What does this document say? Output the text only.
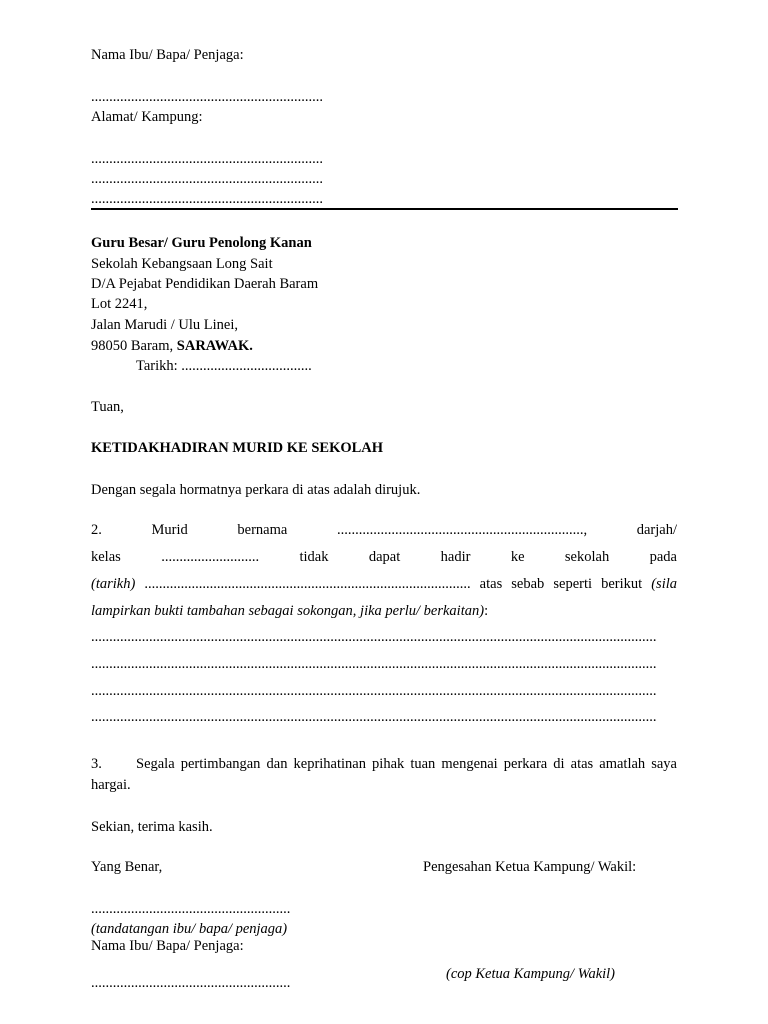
Nama Ibu/ Bapa/ Penjaga:
................................................................
Alamat/ Kampung:
................................................................
................................................................
................................................................
Guru Besar/ Guru Penolong Kanan
Sekolah Kebangsaan Long Sait
D/A Pejabat Pendidikan Daerah Baram
Lot 2241,
Jalan Marudi / Ulu Linei,
98050 Baram, SARAWAK.
Tarikh: ....................................
Tuan,
KETIDAKHADIRAN MURID KE SEKOLAH
Dengan segala hormatnya perkara di atas adalah dirujuk.
2.	Murid	bernama	....................................................................,	darjah/
kelas	...........................	tidak	dapat	hadir	ke	sekolah	pada
(tarikh) .......................................................................................... atas sebab seperti berikut (sila
lampirkan bukti tambahan sebagai sokongan, jika perlu/ berkaitan):
............................................................................................................................................................
............................................................................................................................................................
............................................................................................................................................................
............................................................................................................................................................
3. Segala pertimbangan dan keprihatinan pihak tuan mengenai perkara di atas amatlah saya
hargai.
Sekian, terima kasih.
Yang Benar,	Pengesahan Ketua Kampung/ Wakil:
.......................................................
(tandatangan ibu/ bapa/ penjaga)
Nama Ibu/ Bapa/ Penjaga:
(cop Ketua Kampung/ Wakil)
.......................................................
